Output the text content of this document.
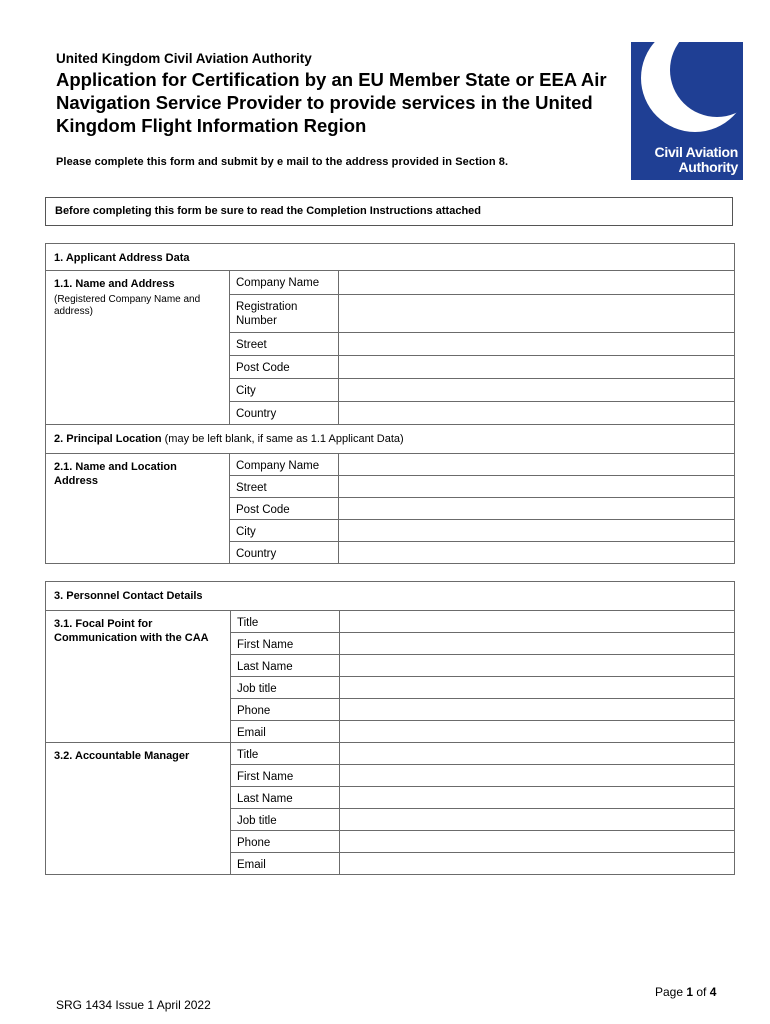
United Kingdom Civil Aviation Authority
Application for Certification by an EU Member State or EEA Air Navigation Service Provider to provide services in the United Kingdom Flight Information Region
Please complete this form and submit by e mail to the address provided in Section 8.
Civil Aviation
Authority
Before completing this form be sure to read the Completion Instructions attached
1. Applicant Address Data		

1.1. Name and Address
(Registered Company Name and address)	Company Name	
	Registration Number	
	Street	
	Post Code	
	City	
	Country	
2. Principal Location (may be left blank, if same as 1.1 Applicant Data)		
2.1. Name and Location Address	Company Name	
	Street	
	Post Code	
	City	
	Country	
3. Personnel Contact Details		
3.1. Focal Point for Communication with the CAA	Title	
	First Name	
	Last Name	
	Job title	
	Phone	
	Email	
3.2. Accountable Manager	Title	
	First Name	
	Last Name	
	Job title	
	Phone	
	Email	
Page 1 of 4
SRG 1434 Issue 1 April 2022
